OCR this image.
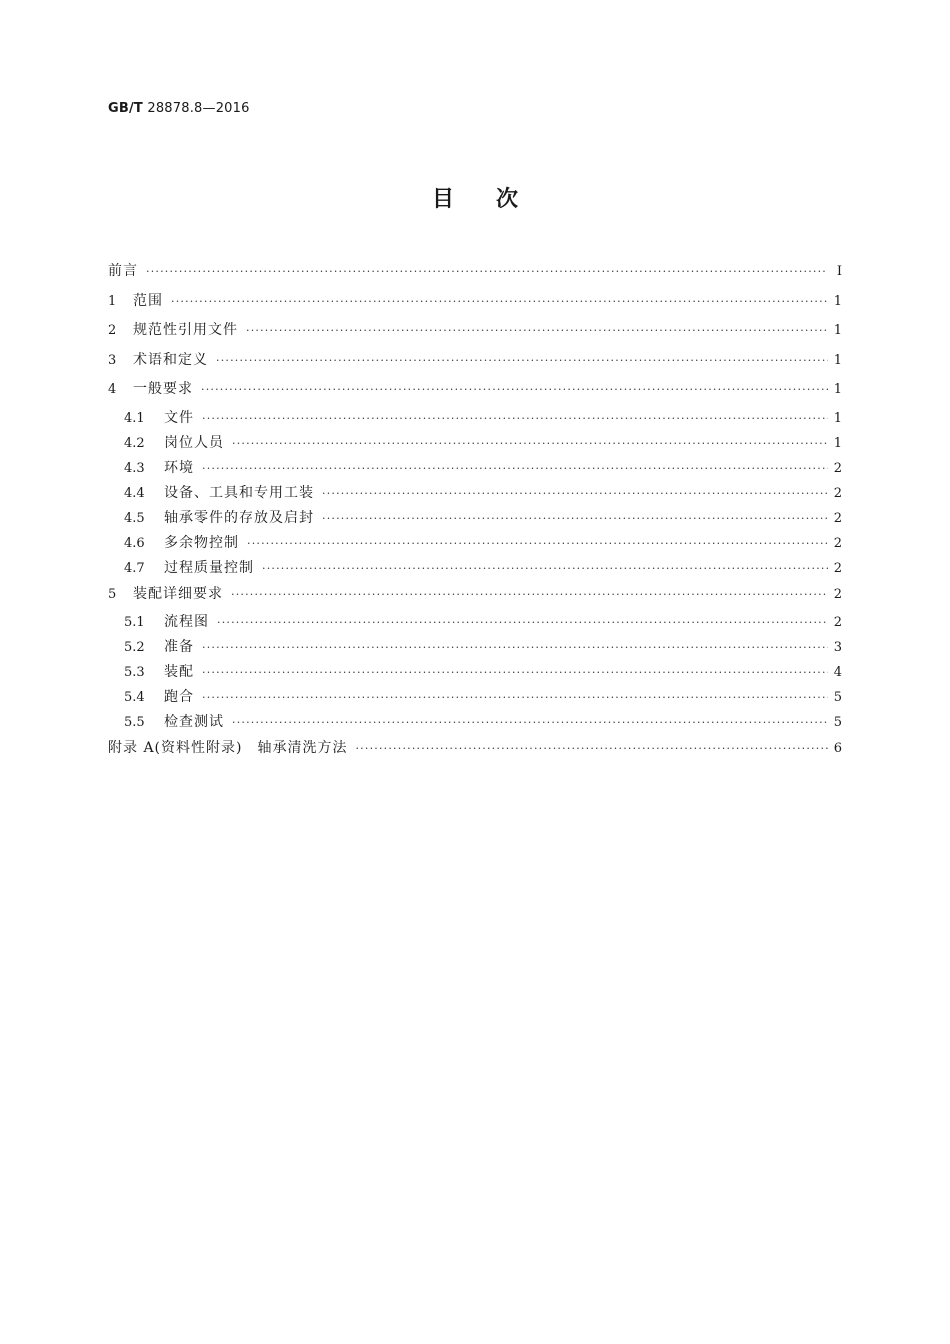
GB/T 28878.8—2016
目次
前言 ·····	Ⅰ
1	范围 ·····	1
2	规范性引用文件 ·····	1
3	术语和定义 ·····	1
4	一般要求 ·····	1
4.1	文件 ·····	1
4.2	岗位人员 ·····	1
4.3	环境 ·····	2
4.4	设备、工具和专用工装 ·····	2
4.5	轴承零件的存放及启封 ·····	2
4.6	多余物控制 ·····	2
4.7	过程质量控制 ·····	2
5	装配详细要求 ·····	2
5.1	流程图 ·····	2
5.2	准备 ·····	3
5.3	装配 ·····	4
5.4	跑合 ·····	5
5.5	检查测试 ·····	5
附录 A(资料性附录)　轴承清洗方法 ·····	6
